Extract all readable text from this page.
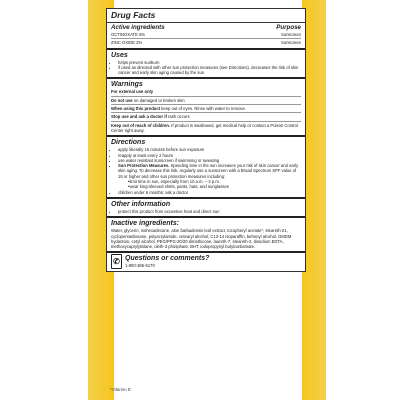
Drug Facts
Active ingredients	Purpose
OCTINOXATE 6%	Sunscreen
ZINC OXIDE 3%	Sunscreen
Uses
• helps prevent sunburn
• if used as directed with other sun protection measures (see Directions), decreases the risk of skin cancer and early skin aging caused by the sun
Warnings
For external use only
Do not use on damaged or broken skin
When using this product keep out of eyes. Rinse with water to remove.
Stop use and ask a doctor if rash occurs
Keep out of reach of children. If product is swallowed, get medical help or contact a Poison Control Center right away.
Directions
• apply liberally 15 minutes before sun exposure
• reapply at least every 2 hours
• use water resistant sunscreen if swimming or sweating
• Sun Protection Measures. Spending time in the sun increases your risk of skin cancer and early skin aging. To decrease this risk, regularly use a sunscreen with a Broad Spectrum SPF value of 15 or higher and other sun protection measures including:
• limit time in sun, especially from 10 a.m. – 2 p.m.
• wear long-sleeved shirts, pants, hats, and sunglasses
• children under 6 months: ask a doctor
Other information
• protect this product from excessive heat and direct sun
Inactive ingredients:
Water, glycerin, isohexadecane, aloe barbadensis leaf extract, tocopheryl acetate*, steareth-21, cyclopentasiloxane, polyacrylamide, cetearyl alcohol, C13-14 isoparaffin, behenyl alcohol, DMDM hydantoin, cetyl alcohol, PEG/PPG-20/20 dimethicone, laureth-7, steareth-2, disodium EDTA, triethoxycaprylylsilane, oleth-3 phosphate, BHT, iodopropynyl butylcarbamate.
✆ Questions or comments?
1-800-385-5170
*Vitamin E
